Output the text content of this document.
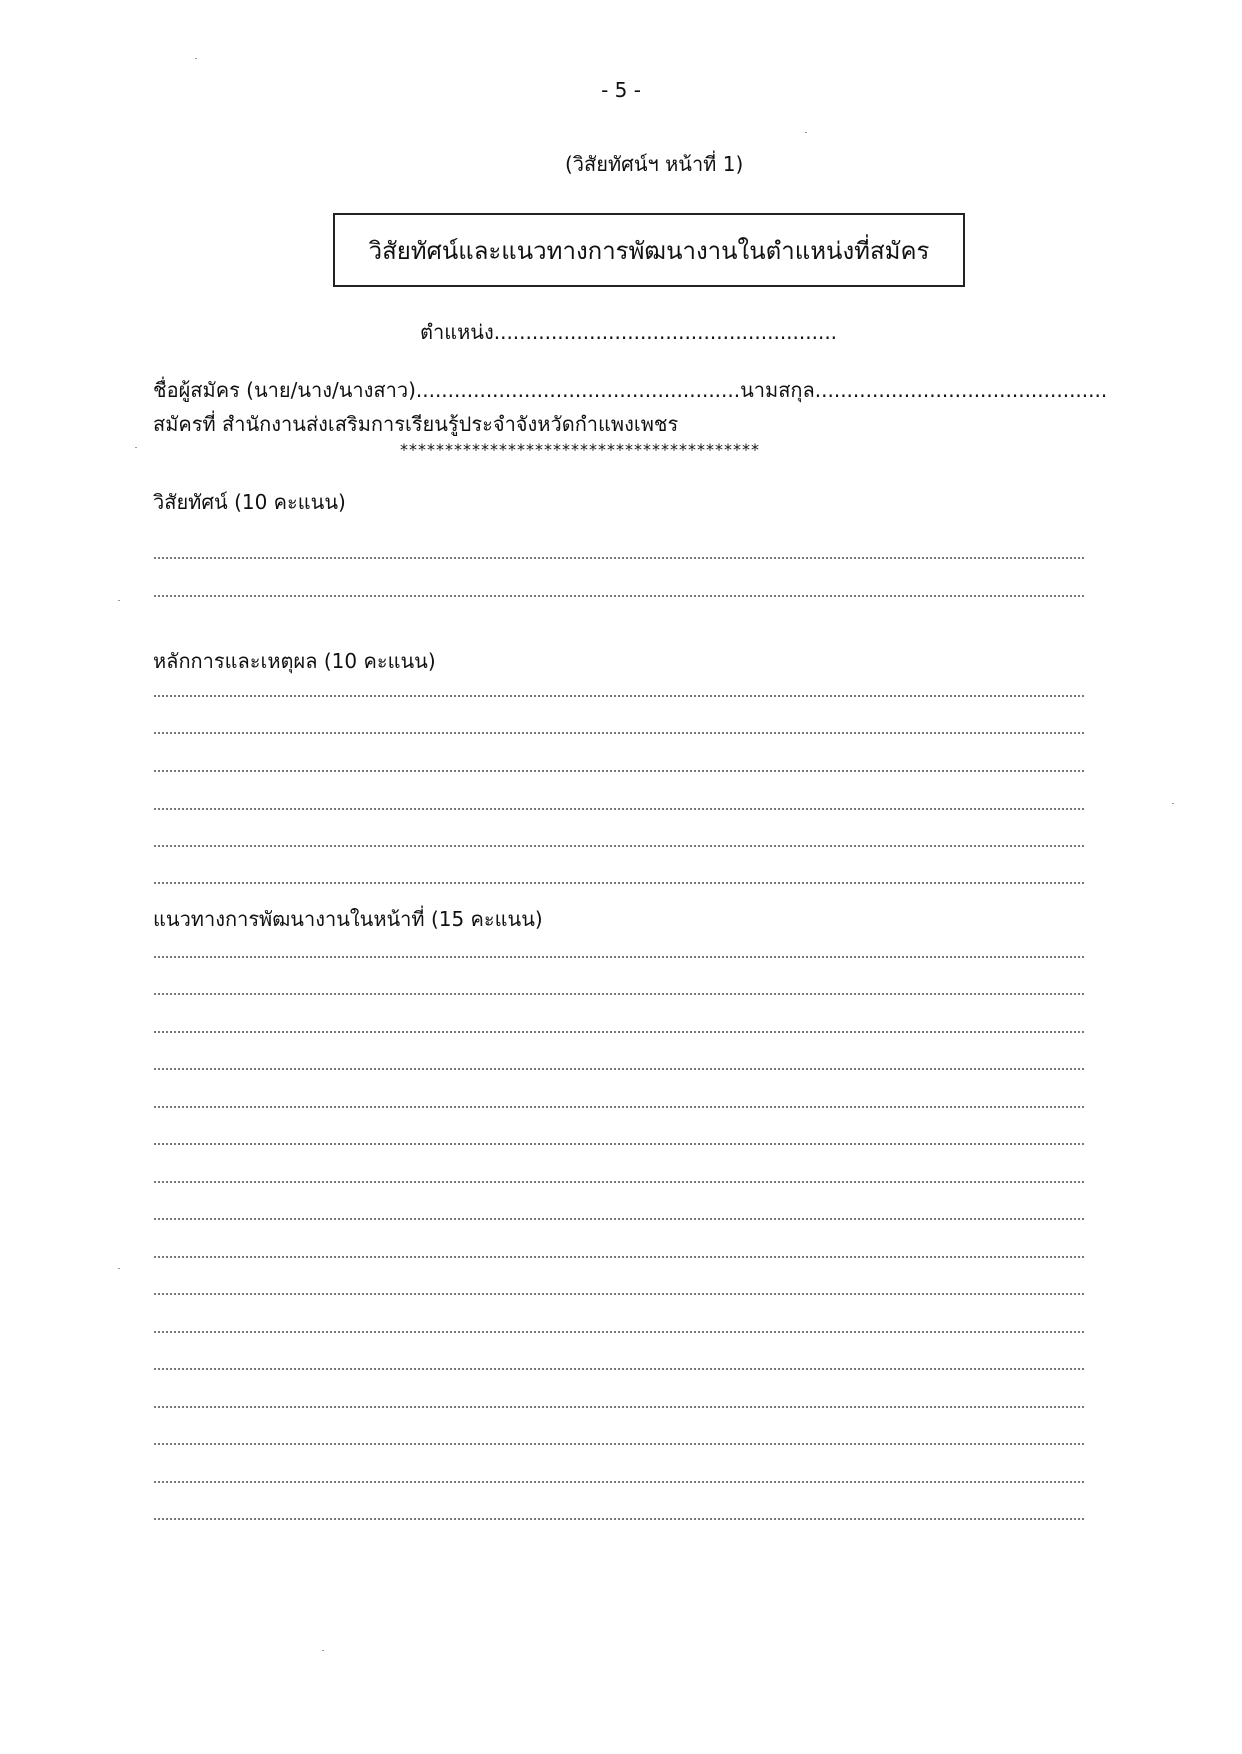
- 5 -
(วิสัยทัศน์ฯ หน้าที่ 1)
วิสัยทัศน์และแนวทางการพัฒนางานในตำแหน่งที่สมัคร
ตำแหน่ง......................................................
ชื่อผู้สมัคร (นาย/นาง/นางสาว)...................................................นามสกุล..............................................
สมัครที่ สำนักงานส่งเสริมการเรียนรู้ประจำจังหวัดกำแพงเพชร
****************************************
วิสัยทัศน์ (10 คะแนน)
หลักการและเหตุผล (10 คะแนน)
แนวทางการพัฒนางานในหน้าที่ (15 คะแนน)
